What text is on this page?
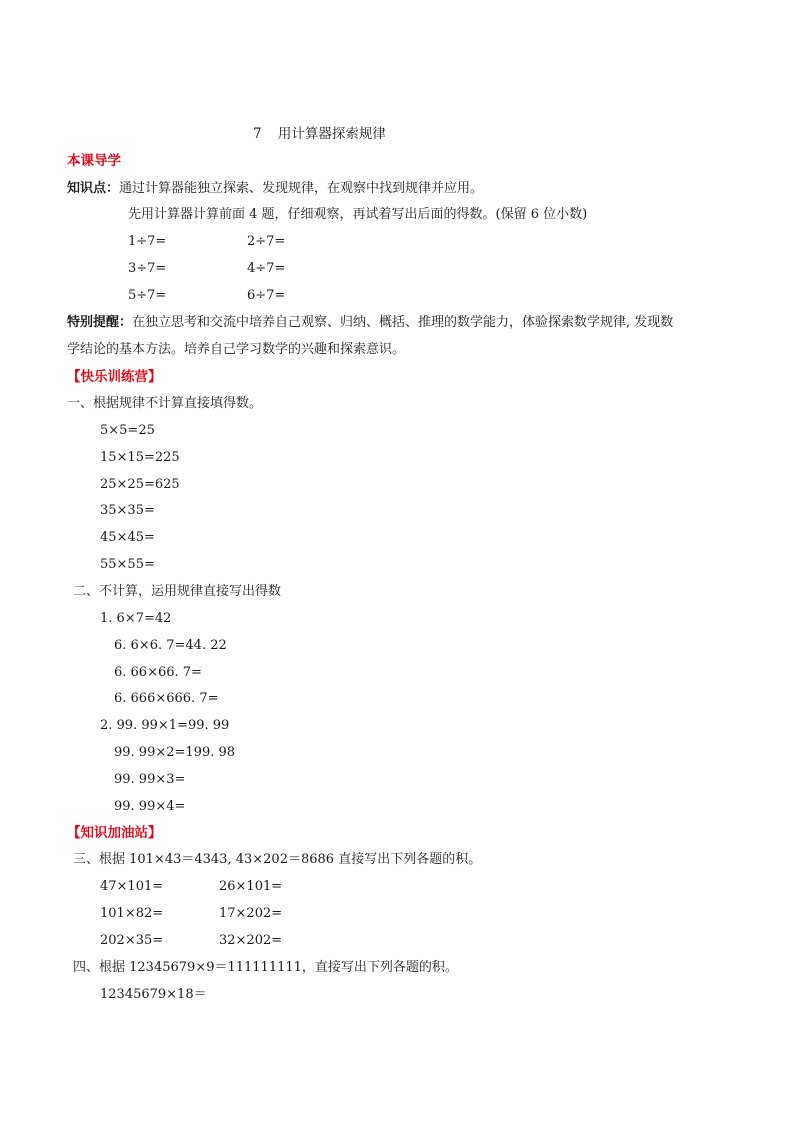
7 用计算器探索规律
本课导学
知识点：通过计算器能独立探索、发现规律，在观察中找到规律并应用。
先用计算器计算前面 4 题，仔细观察，再试着写出后面的得数。(保留 6 位小数)
1÷7=	2÷7=
3÷7=	4÷7=
5÷7=	6÷7=
特别提醒：在独立思考和交流中培养自己观察、归纳、概括、推理的数学能力，体验探索数学规律, 发现数
学结论的基本方法。培养自己学习数学的兴趣和探索意识。
【快乐训练营】
一、根据规律不计算直接填得数。
5×5=25
15×15=225
25×25=625
35×35=
45×45=
55×55=
二、不计算，运用规律直接写出得数
1. 6×7=42
6. 6×6. 7=44. 22
6. 66×66. 7=
6. 666×666. 7=
2. 99. 99×1=99. 99
99. 99×2=199. 98
99. 99×3=
99. 99×4=
【知识加油站】
三、根据 101×43＝4343, 43×202＝8686 直接写出下列各题的积。
47×101=	26×101=
101×82=	17×202=
202×35=	32×202=
四、根据 12345679×9＝111111111，直接写出下列各题的积。
12345679×18＝
